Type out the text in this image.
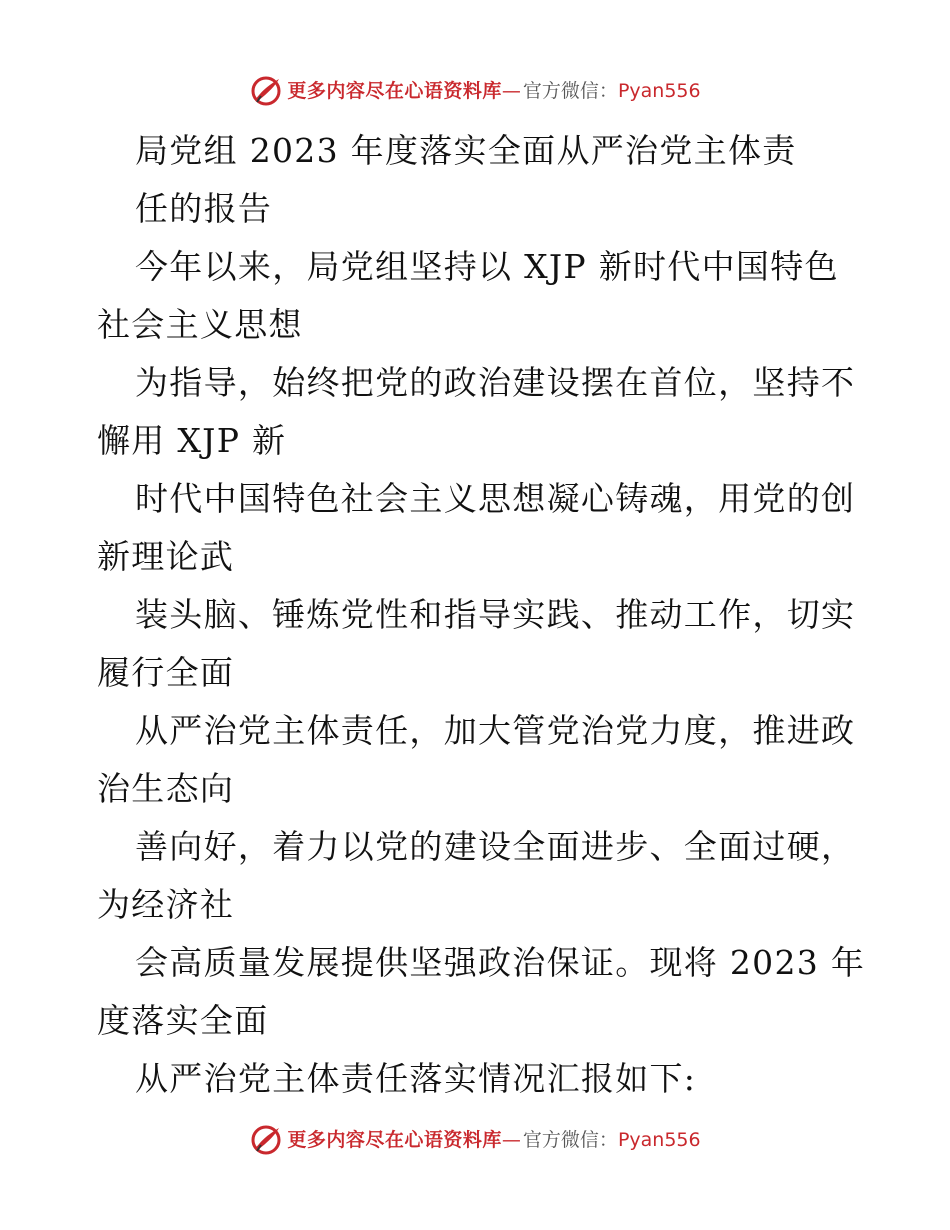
更多内容尽在心语资料库 — 官方微信： Pyan556
局党组 2023 年度落实全面从严治党主体责
任的报告
今年以来，局党组坚持以 XJP 新时代中国特色
社会主义思想
为指导，始终把党的政治建设摆在首位，坚持不
懈用 XJP 新
时代中国特色社会主义思想凝心铸魂，用党的创
新理论武
装头脑、锤炼党性和指导实践、推动工作，切实
履行全面
从严治党主体责任，加大管党治党力度，推进政
治生态向
善向好，着力以党的建设全面进步、全面过硬，
为经济社
会高质量发展提供坚强政治保证。现将 2023 年
度落实全面
从严治党主体责任落实情况汇报如下:
更多内容尽在心语资料库 — 官方微信： Pyan556
